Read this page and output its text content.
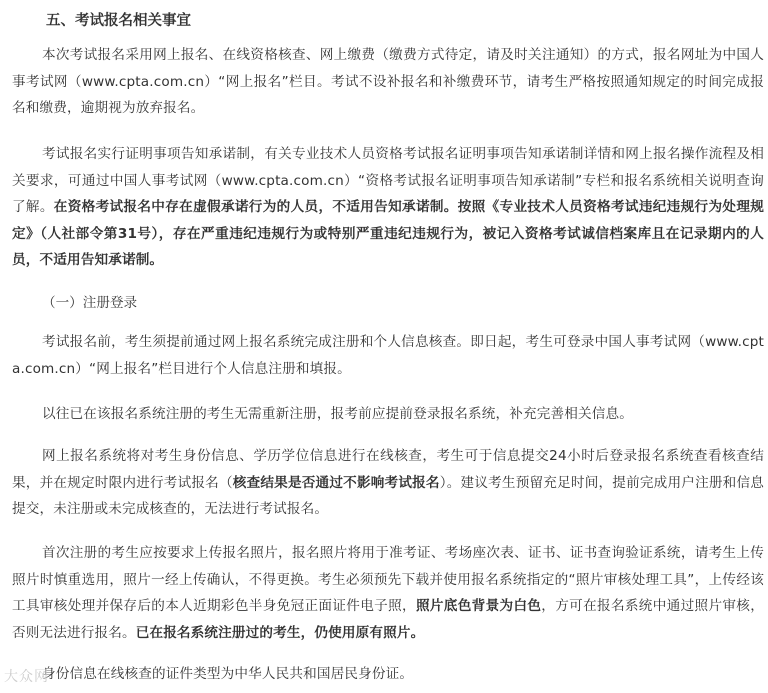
五、考试报名相关事宜

本次考试报名采用网上报名、在线资格核查、网上缴费（缴费方式待定，请及时关注通知）的方式，报名网址为中国人事考试网（www.cpta.com.cn）“网上报名”栏目。考试不设补报名和补缴费环节，请考生严格按照通知规定的时间完成报名和缴费，逾期视为放弃报名。

考试报名实行证明事项告知承诺制，有关专业技术人员资格考试报名证明事项告知承诺制详情和网上报名操作流程及相关要求，可通过中国人事考试网（www.cpta.com.cn）“资格考试报名证明事项告知承诺制”专栏和报名系统相关说明查询了解。在资格考试报名中存在虚假承诺行为的人员，不适用告知承诺制。按照《专业技术人员资格考试违纪违规行为处理规定》（人社部令第31号），存在严重违纪违规行为或特别严重违纪违规行为，被记入资格考试诚信档案库且在记录期内的人员，不适用告知承诺制。

（一）注册登录

考试报名前，考生须提前通过网上报名系统完成注册和个人信息核查。即日起，考生可登录中国人事考试网（www.cpta.com.cn）“网上报名”栏目进行个人信息注册和填报。

以往已在该报名系统注册的考生无需重新注册，报考前应提前登录报名系统，补充完善相关信息。

网上报名系统将对考生身份信息、学历学位信息进行在线核查，考生可于信息提交24小时后登录报名系统查看核查结果，并在规定时限内进行考试报名（核查结果是否通过不影响考试报名）。建议考生预留充足时间，提前完成用户注册和信息提交，未注册或未完成核查的，无法进行考试报名。

首次注册的考生应按要求上传报名照片，报名照片将用于准考证、考场座次表、证书、证书查询验证系统，请考生上传照片时慎重选用，照片一经上传确认，不得更换。考生必须预先下载并使用报名系统指定的“照片审核处理工具”，上传经该工具审核处理并保存后的本人近期彩色半身免冠正面证件电子照，照片底色背景为白色，方可在报名系统中通过照片审核，否则无法进行报名。已在报名系统注册过的考生，仍使用原有照片。

身份信息在线核查的证件类型为中华人民共和国居民身份证。

大众网
